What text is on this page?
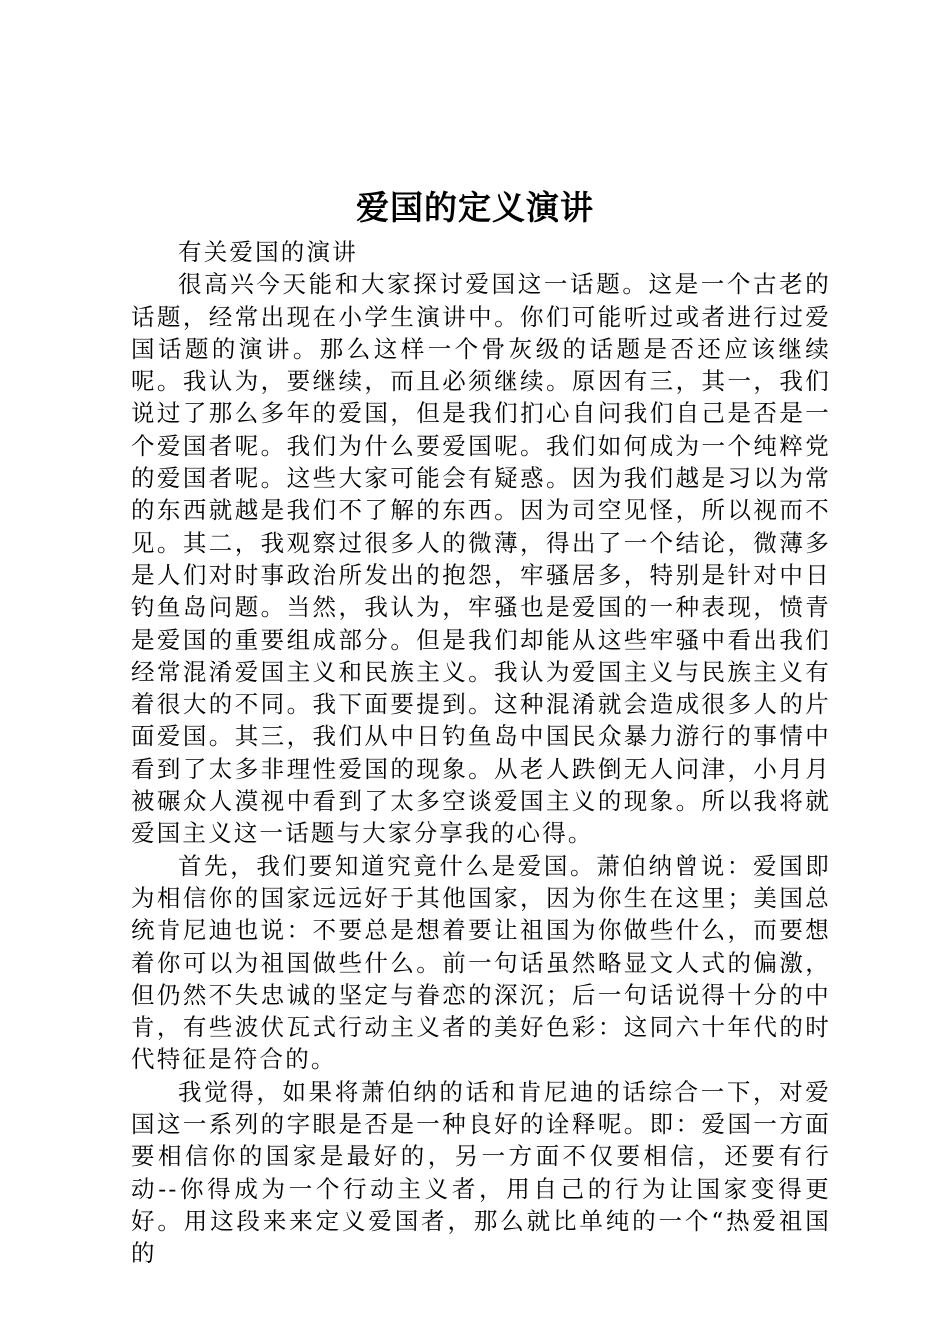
爱国的定义演讲

有关爱国的演讲

很高兴今天能和大家探讨爱国这一话题。这是一个古老的话题，经常出现在小学生演讲中。你们可能听过或者进行过爱国话题的演讲。那么这样一个骨灰级的话题是否还应该继续呢。我认为，要继续，而且必须继续。原因有三，其一，我们说过了那么多年的爱国，但是我们扪心自问我们自己是否是一个爱国者呢。我们为什么要爱国呢。我们如何成为一个纯粹党的爱国者呢。这些大家可能会有疑惑。因为我们越是习以为常的东西就越是我们不了解的东西。因为司空见怪，所以视而不见。其二，我观察过很多人的微薄，得出了一个结论，微薄多是人们对时事政治所发出的抱怨，牢骚居多，特别是针对中日钓鱼岛问题。当然，我认为，牢骚也是爱国的一种表现，愤青是爱国的重要组成部分。但是我们却能从这些牢骚中看出我们经常混淆爱国主义和民族主义。我认为爱国主义与民族主义有着很大的不同。我下面要提到。这种混淆就会造成很多人的片面爱国。其三，我们从中日钓鱼岛中国民众暴力游行的事情中看到了太多非理性爱国的现象。从老人跌倒无人问津，小月月被碾众人漠视中看到了太多空谈爱国主义的现象。所以我将就爱国主义这一话题与大家分享我的心得。

首先，我们要知道究竟什么是爱国。萧伯纳曾说：爱国即为相信你的国家远远好于其他国家，因为你生在这里；美国总统肯尼迪也说：不要总是想着要让祖国为你做些什么，而要想着你可以为祖国做些什么。前一句话虽然略显文人式的偏激，但仍然不失忠诚的坚定与眷恋的深沉；后一句话说得十分的中肯，有些波伏瓦式行动主义者的美好色彩：这同六十年代的时代特征是符合的。

我觉得，如果将萧伯纳的话和肯尼迪的话综合一下，对爱国这一系列的字眼是否是一种良好的诠释呢。即：爱国一方面要相信你的国家是最好的，另一方面不仅要相信，还要有行动--你得成为一个行动主义者，用自己的行为让国家变得更好。用这段来来定义爱国者，那么就比单纯的一个“热爱祖国的
